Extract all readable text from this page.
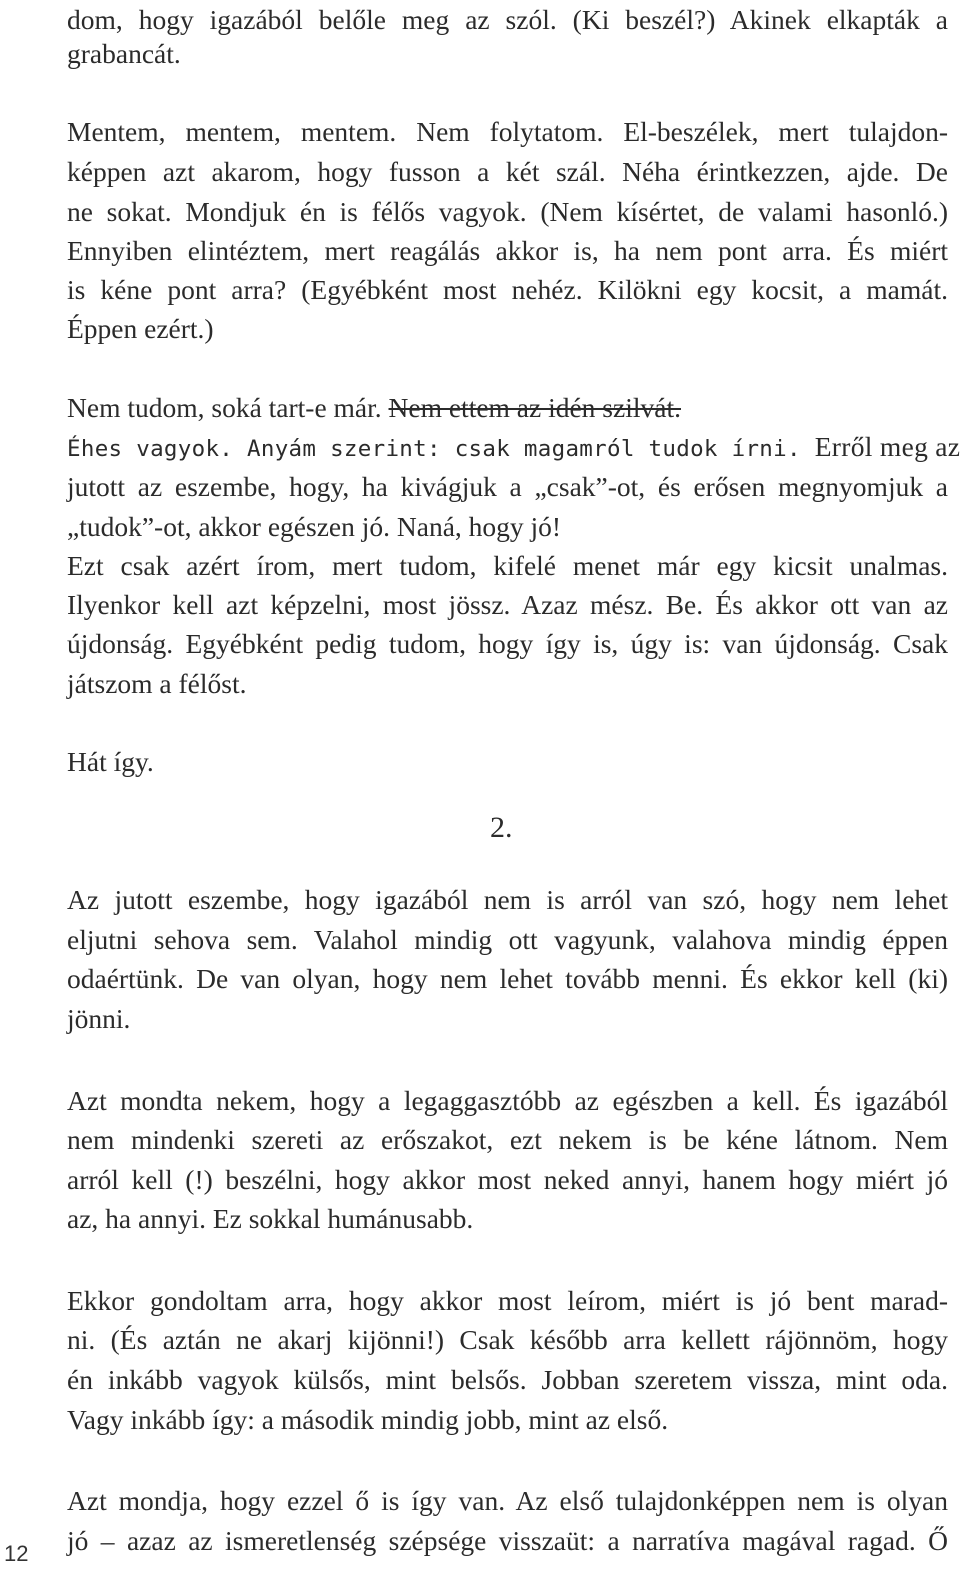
dom, hogy igazából belőle meg az szól. (Ki beszél?) Akinek elkapták a

grabancát.

Mentem, mentem, mentem. Nem folytatom. El-beszélek, mert tulajdon-

képpen azt akarom, hogy fusson a két szál. Néha érintkezzen, ajde. De

ne sokat. Mondjuk én is félős vagyok. (Nem kísértet, de valami hasonló.)

Ennyiben elintéztem, mert reagálás akkor is, ha nem pont arra. És miért

is kéne pont arra? (Egyébként most nehéz. Kilökni egy kocsit, a mamát.

Éppen ezért.)

Nem tudom, soká tart-e már. Nem ettem az idén szilvát.

Éhes vagyok. Anyám szerint: csak magamról tudok írni. Erről meg az

jutott az eszembe, hogy, ha kivágjuk a „csak”-ot, és erősen megnyomjuk a

„tudok”-ot, akkor egészen jó. Naná, hogy jó!

Ezt csak azért írom, mert tudom, kifelé menet már egy kicsit unalmas.

Ilyenkor kell azt képzelni, most jössz. Azaz mész. Be. És akkor ott van az

újdonság. Egyébként pedig tudom, hogy így is, úgy is: van újdonság. Csak

játszom a félőst.

Hát így.

2.

Az jutott eszembe, hogy igazából nem is arról van szó, hogy nem lehet

eljutni sehova sem. Valahol mindig ott vagyunk, valahova mindig éppen

odaértünk. De van olyan, hogy nem lehet tovább menni. És ekkor kell (ki)

jönni.

Azt mondta nekem, hogy a legaggasztóbb az egészben a kell. És igazából

nem mindenki szereti az erőszakot, ezt nekem is be kéne látnom. Nem

arról kell (!) beszélni, hogy akkor most neked annyi, hanem hogy miért jó

az, ha annyi. Ez sokkal humánusabb.

Ekkor gondoltam arra, hogy akkor most leírom, miért is jó bent marad-

ni. (És aztán ne akarj kijönni!) Csak később arra kellett rájönnöm, hogy

én inkább vagyok külsős, mint belsős. Jobban szeretem vissza, mint oda.

Vagy inkább így: a második mindig jobb, mint az első.

Azt mondja, hogy ezzel ő is így van. Az első tulajdonképpen nem is olyan

jó – azaz az ismeretlenség szépsége visszaüt: a narratíva magával ragad. Ő

12
